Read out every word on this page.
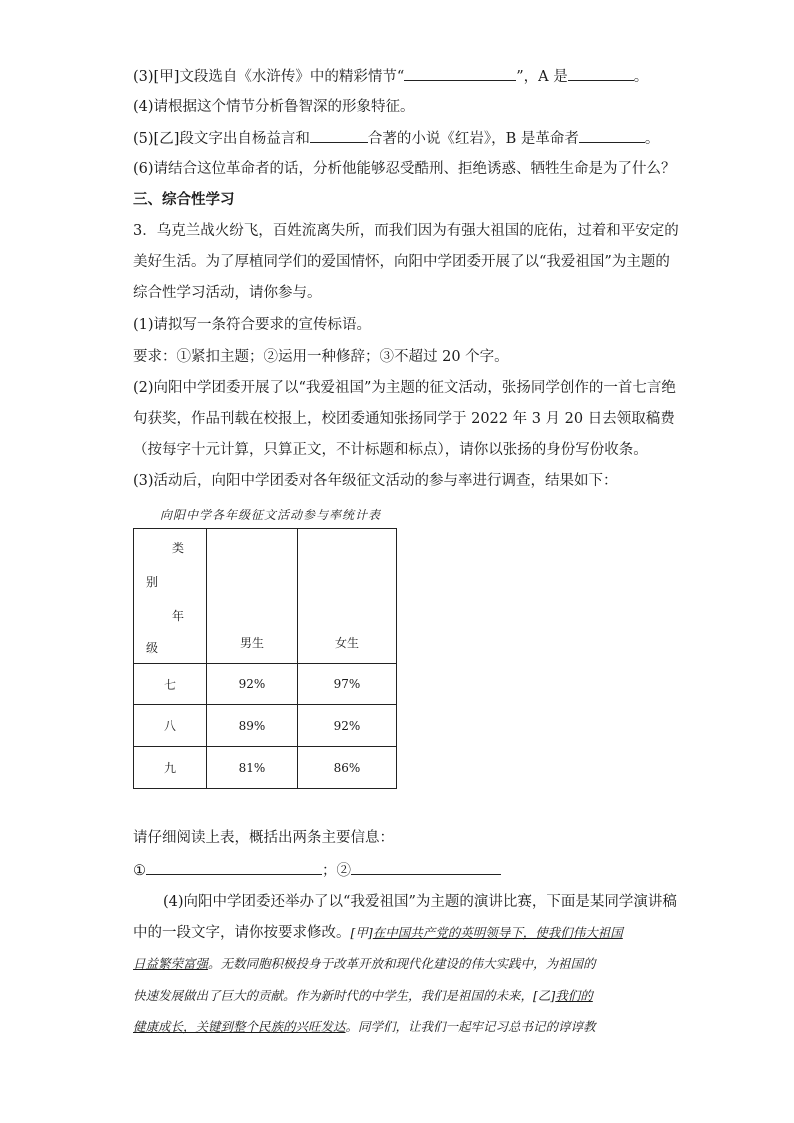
(3)[甲]文段选自《水浒传》中的精彩情节“	”，A 是	。
(4)请根据这个情节分析鲁智深的形象特征。
(5)[乙]段文字出自杨益言和	合著的小说《红岩》，B 是革命者	。
(6)请结合这位革命者的话，分析他能够忍受酷刑、拒绝诱惑、牺牲生命是为了什么？
三、综合性学习
3．乌克兰战火纷飞，百姓流离失所，而我们因为有强大祖国的庇佑，过着和平安定的
美好生活。为了厚植同学们的爱国情怀，向阳中学团委开展了以“我爱祖国”为主题的
综合性学习活动，请你参与。
(1)请拟写一条符合要求的宣传标语。
要求：①紧扣主题；②运用一种修辞；③不超过 20 个字。
(2)向阳中学团委开展了以“我爱祖国”为主题的征文活动，张扬同学创作的一首七言绝
句获奖，作品刊载在校报上，校团委通知张扬同学于 2022 年 3 月 20 日去领取稿费
（按每字十元计算，只算正文，不计标题和标点），请你以张扬的身份写份收条。
(3)活动后，向阳中学团委对各年级征文活动的参与率进行调查，结果如下：
向阳中学各年级征文活动参与率统计表
类
别
年
级	男生	女生
七	92%	97%
八	89%	92%
九	81%	86%
请仔细阅读上表，概括出两条主要信息：
①	；②
(4)向阳中学团委还举办了以“我爱祖国”为主题的演讲比赛，下面是某同学演讲稿
中的一段文字，请你按要求修改。[甲]在中国共产党的英明领导下，使我们伟大祖国
日益繁荣富强。无数同胞积极投身于改革开放和现代化建设的伟大实践中，为祖国的
快速发展做出了巨大的贡献。作为新时代的中学生，我们是祖国的未来，[乙]我们的
健康成长，关键到整个民族的兴旺发达。同学们，让我们一起牢记习总书记的谆谆教
